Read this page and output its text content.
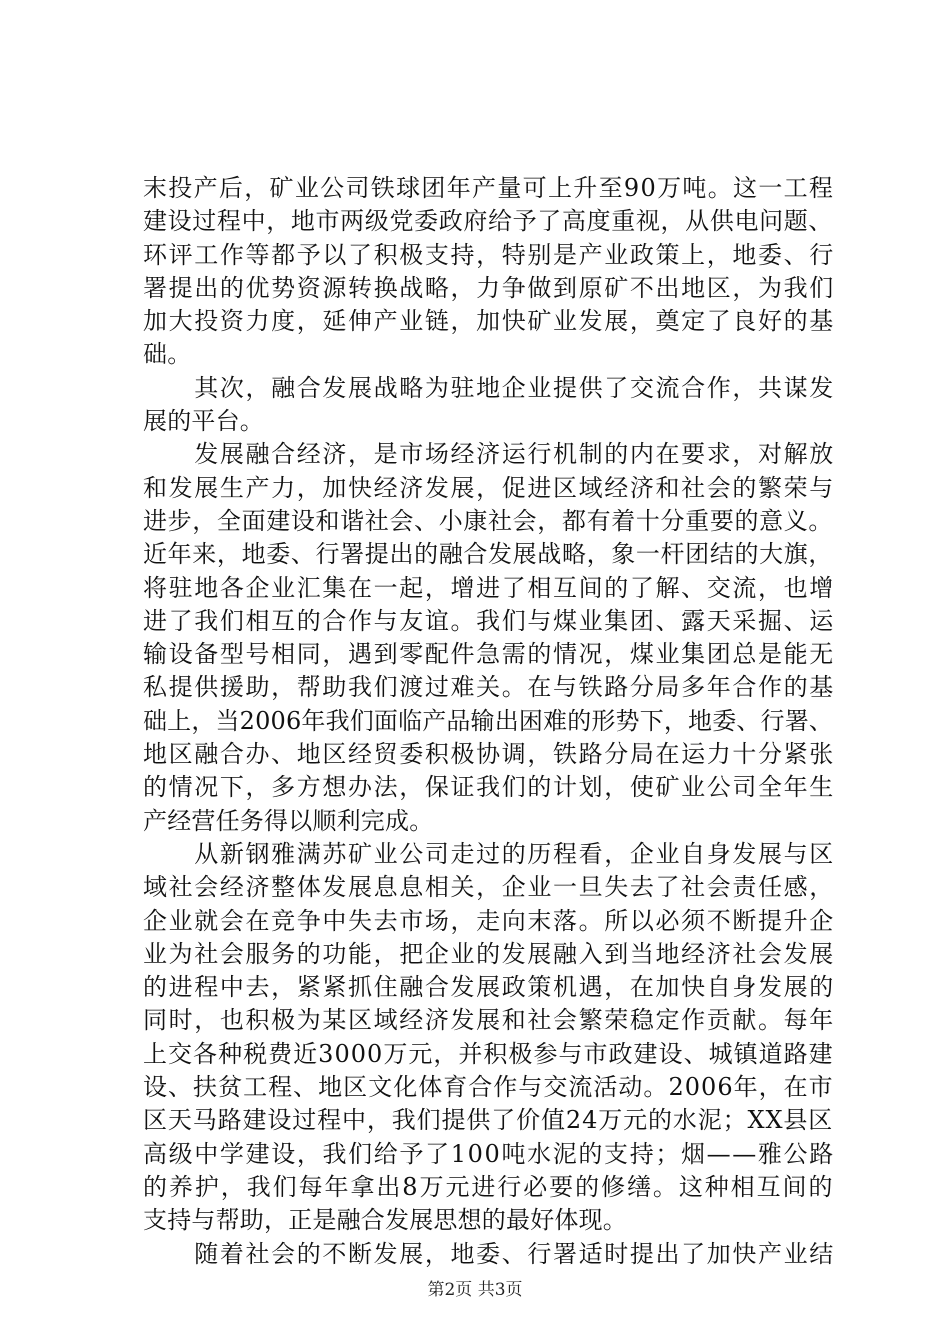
末投产后，矿业公司铁球团年产量可上升至90万吨。这一工程
建设过程中，地市两级党委政府给予了高度重视，从供电问题、
环评工作等都予以了积极支持，特别是产业政策上，地委、行
署提出的优势资源转换战略，力争做到原矿不出地区，为我们
加大投资力度，延伸产业链，加快矿业发展，奠定了良好的基
础。
　　其次，融合发展战略为驻地企业提供了交流合作，共谋发
展的平台。
　　发展融合经济，是市场经济运行机制的内在要求，对解放
和发展生产力，加快经济发展，促进区域经济和社会的繁荣与
进步，全面建设和谐社会、小康社会，都有着十分重要的意义。
近年来，地委、行署提出的融合发展战略，象一杆团结的大旗，
将驻地各企业汇集在一起，增进了相互间的了解、交流，也增
进了我们相互的合作与友谊。我们与煤业集团、露天采掘、运
输设备型号相同，遇到零配件急需的情况，煤业集团总是能无
私提供援助，帮助我们渡过难关。在与铁路分局多年合作的基
础上，当2006年我们面临产品输出困难的形势下，地委、行署、
地区融合办、地区经贸委积极协调，铁路分局在运力十分紧张
的情况下，多方想办法，保证我们的计划，使矿业公司全年生
产经营任务得以顺利完成。
　　从新钢雅满苏矿业公司走过的历程看，企业自身发展与区
域社会经济整体发展息息相关，企业一旦失去了社会责任感，
企业就会在竞争中失去市场，走向末落。所以必须不断提升企
业为社会服务的功能，把企业的发展融入到当地经济社会发展
的进程中去，紧紧抓住融合发展政策机遇，在加快自身发展的
同时，也积极为某区域经济发展和社会繁荣稳定作贡献。每年
上交各种税费近3000万元，并积极参与市政建设、城镇道路建
设、扶贫工程、地区文化体育合作与交流活动。2006年，在市
区天马路建设过程中，我们提供了价值24万元的水泥；XX县区
高级中学建设，我们给予了100吨水泥的支持；烟——雅公路
的养护，我们每年拿出8万元进行必要的修缮。这种相互间的
支持与帮助，正是融合发展思想的最好体现。
　　随着社会的不断发展，地委、行署适时提出了加快产业结
第2页 共3页
